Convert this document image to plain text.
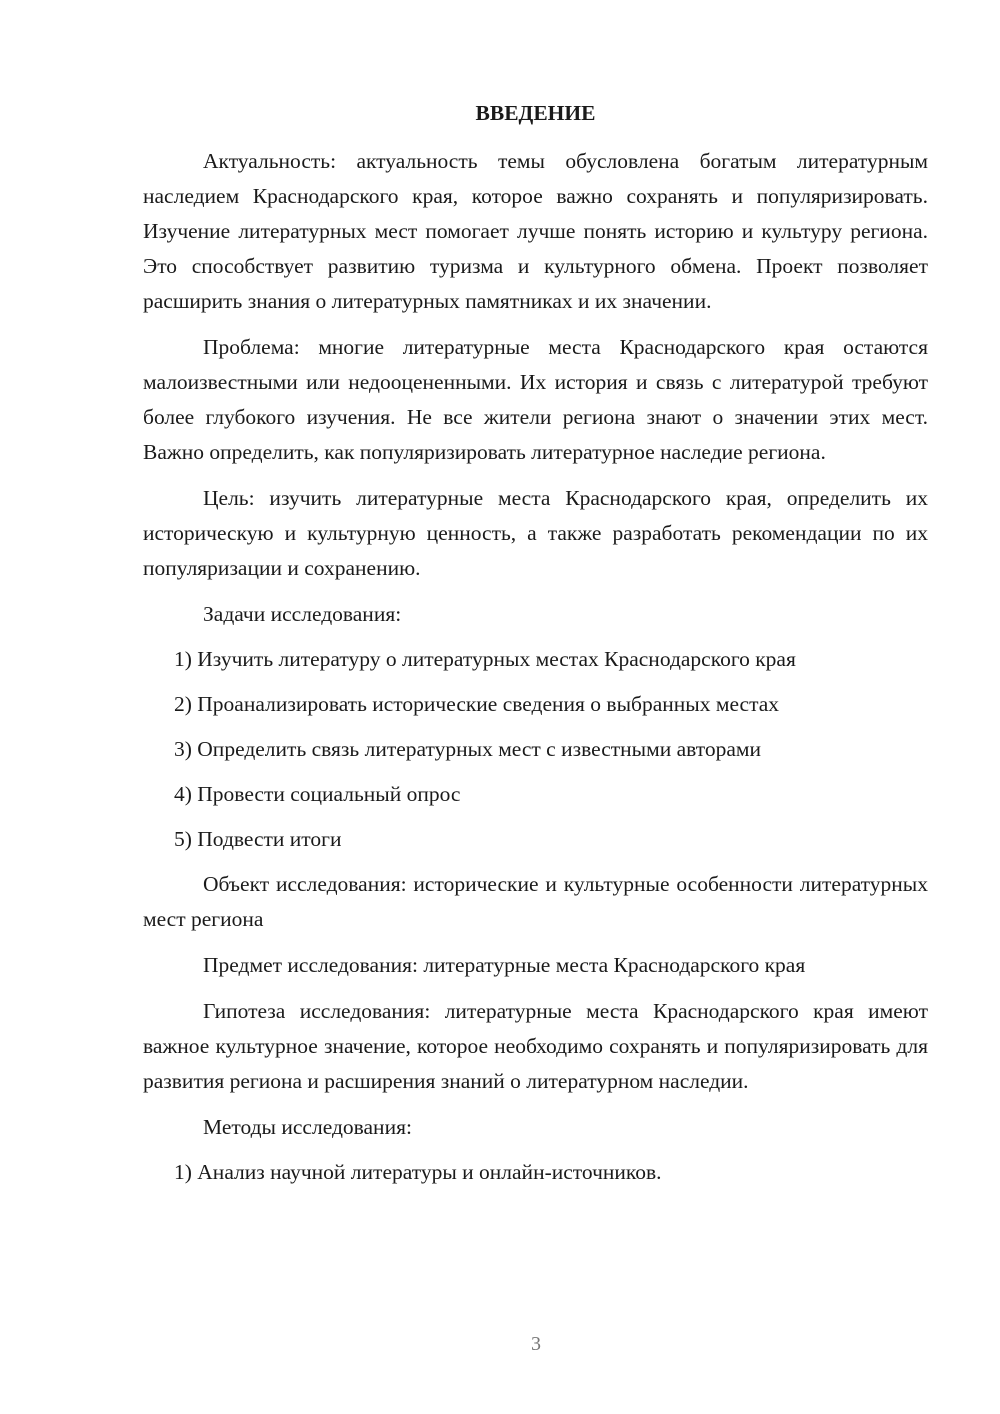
ВВЕДЕНИЕ

Актуальность: актуальность темы обусловлена богатым литературным наследием Краснодарского края, которое важно сохранять и популяризировать. Изучение литературных мест помогает лучше понять историю и культуру региона. Это способствует развитию туризма и культурного обмена. Проект позволяет расширить знания о литературных памятниках и их значении.

Проблема: многие литературные места Краснодарского края остаются малоизвестными или недооцененными. Их история и связь с литературой требуют более глубокого изучения. Не все жители региона знают о значении этих мест. Важно определить, как популяризировать литературное наследие региона.

Цель: изучить литературные места Краснодарского края, определить их историческую и культурную ценность, а также разработать рекомендации по их популяризации и сохранению.

Задачи исследования:

1) Изучить литературу о литературных местах Краснодарского края

2) Проанализировать исторические сведения о выбранных местах

3) Определить связь литературных мест с известными авторами

4) Провести социальный опрос

5) Подвести итоги

Объект исследования: исторические и культурные особенности литературных мест региона

Предмет исследования: литературные места Краснодарского края

Гипотеза исследования: литературные места Краснодарского края имеют важное культурное значение, которое необходимо сохранять и популяризировать для развития региона и расширения знаний о литературном наследии.

Методы исследования:

1) Анализ научной литературы и онлайн-источников.

3
